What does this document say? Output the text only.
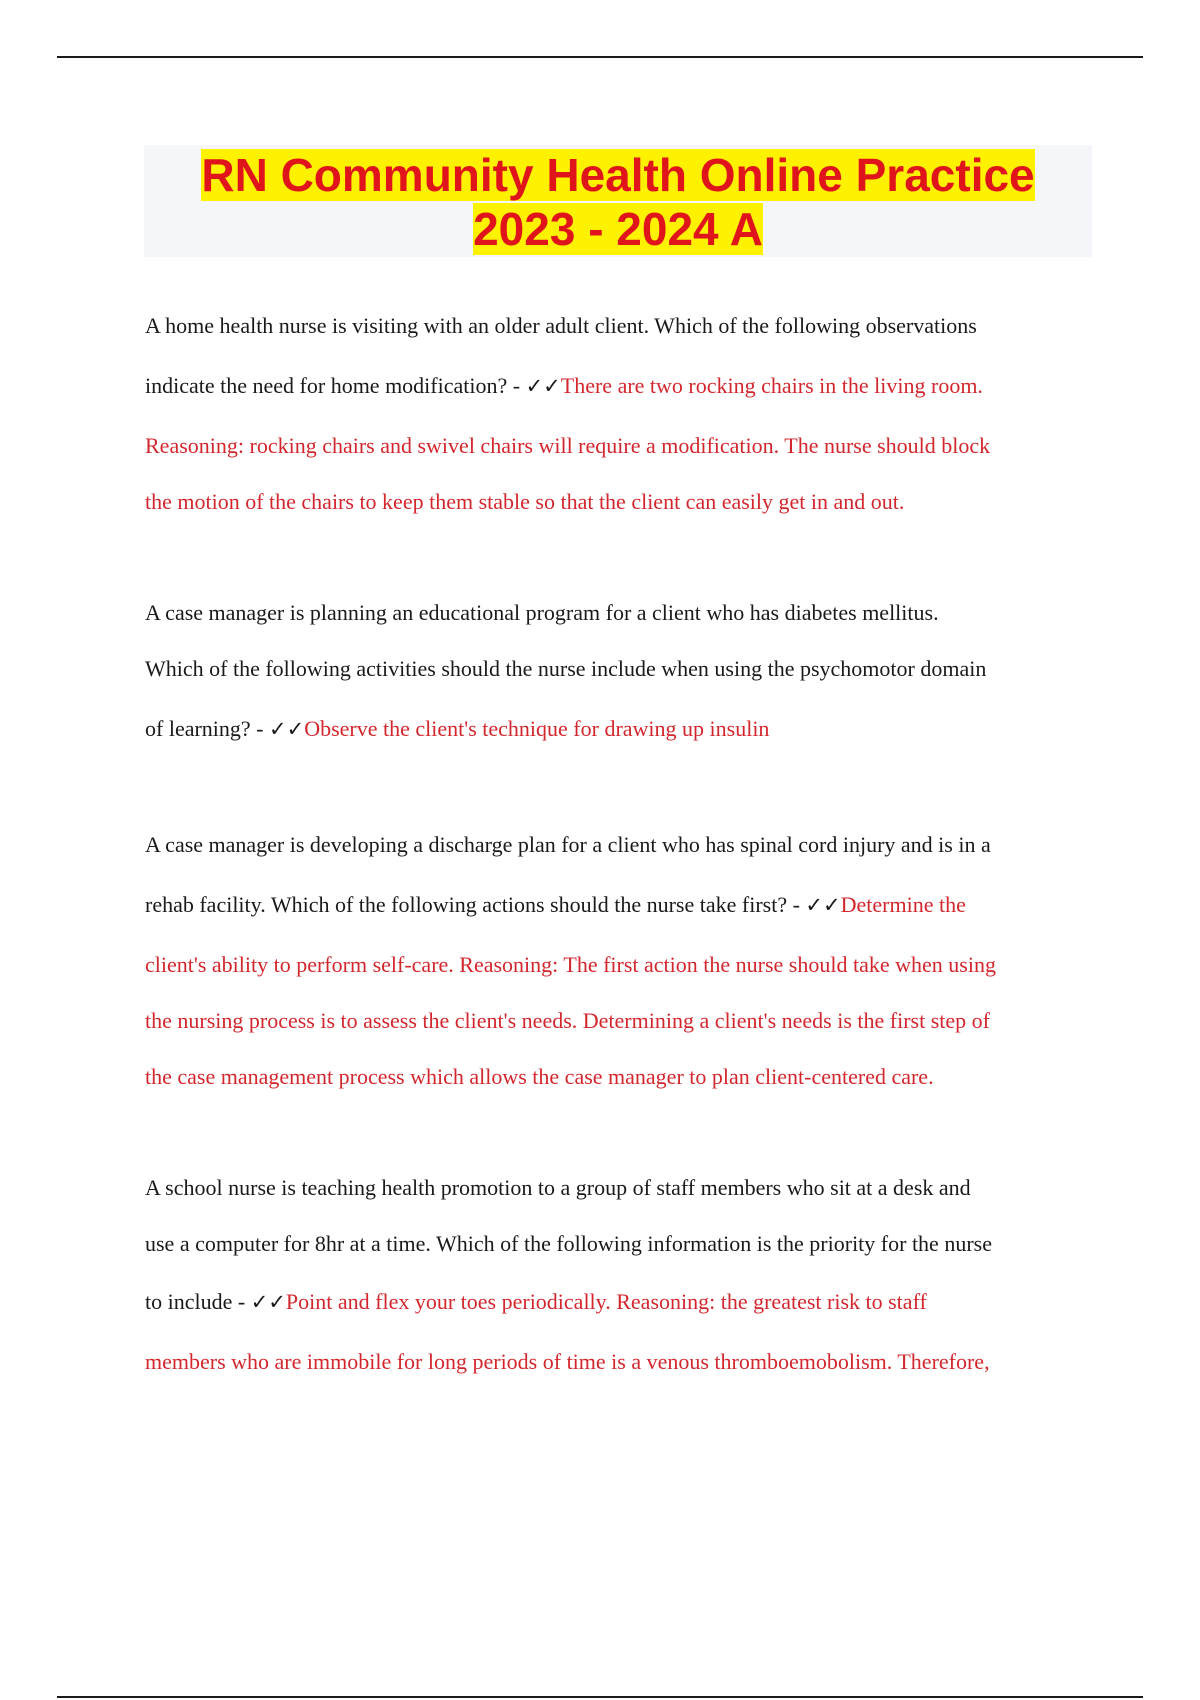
RN Community Health Online Practice
2023 - 2024 A
A home health nurse is visiting with an older adult client. Which of the following observations
indicate the need for home modification? - ✓✓There are two rocking chairs in the living room.
Reasoning: rocking chairs and swivel chairs will require a modification. The nurse should block
the motion of the chairs to keep them stable so that the client can easily get in and out.
A case manager is planning an educational program for a client who has diabetes mellitus.
Which of the following activities should the nurse include when using the psychomotor domain
of learning? - ✓✓Observe the client's technique for drawing up insulin
A case manager is developing a discharge plan for a client who has spinal cord injury and is in a
rehab facility. Which of the following actions should the nurse take first? - ✓✓Determine the
client's ability to perform self-care. Reasoning: The first action the nurse should take when using
the nursing process is to assess the client's needs. Determining a client's needs is the first step of
the case management process which allows the case manager to plan client-centered care.
A school nurse is teaching health promotion to a group of staff members who sit at a desk and
use a computer for 8hr at a time. Which of the following information is the priority for the nurse
to include - ✓✓Point and flex your toes periodically. Reasoning: the greatest risk to staff
members who are immobile for long periods of time is a venous thromboemobolism. Therefore,
